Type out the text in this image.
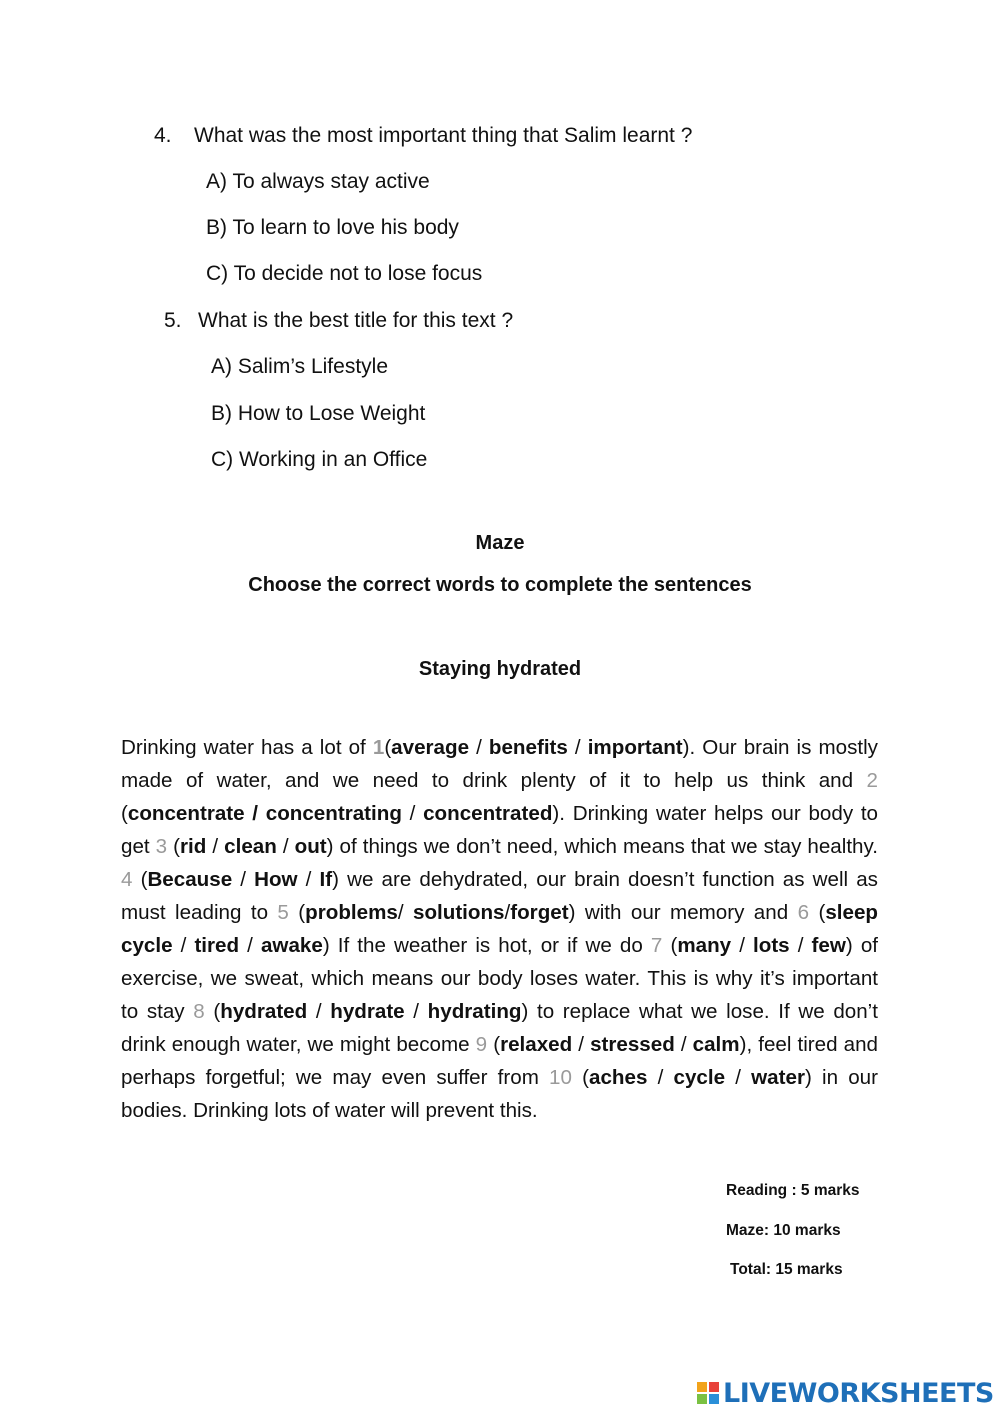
4. What was the most important thing that Salim learnt ?
A) To always stay active
B) To learn to love his body
C) To decide not to lose focus
5. What is the best title for this text ?
A) Salim’s Lifestyle
B) How to Lose Weight
C) Working in an Office
Maze
Choose the correct words to complete the sentences
Staying hydrated
Drinking water has a lot of 1(average / benefits / important). Our brain is mostly made of water, and we need to drink plenty of it to help us think and 2 (concentrate / concentrating / concentrated). Drinking water helps our body to get 3 (rid / clean / out) of things we don’t need, which means that we stay healthy. 4 (Because / How / If) we are dehydrated, our brain doesn’t function as well as must leading to 5 (problems/ solutions/forget) with our memory and 6 (sleep cycle / tired / awake) If the weather is hot, or if we do 7 (many / lots / few) of exercise, we sweat, which means our body loses water. This is why it’s important to stay 8 (hydrated / hydrate / hydrating) to replace what we lose. If we don’t drink enough water, we might become 9 (relaxed / stressed / calm), feel tired and perhaps forgetful; we may even suffer from 10 (aches / cycle / water) in our bodies. Drinking lots of water will prevent this.
Reading : 5 marks
Maze: 10 marks
Total: 15 marks
LIVEWORKSHEETS
